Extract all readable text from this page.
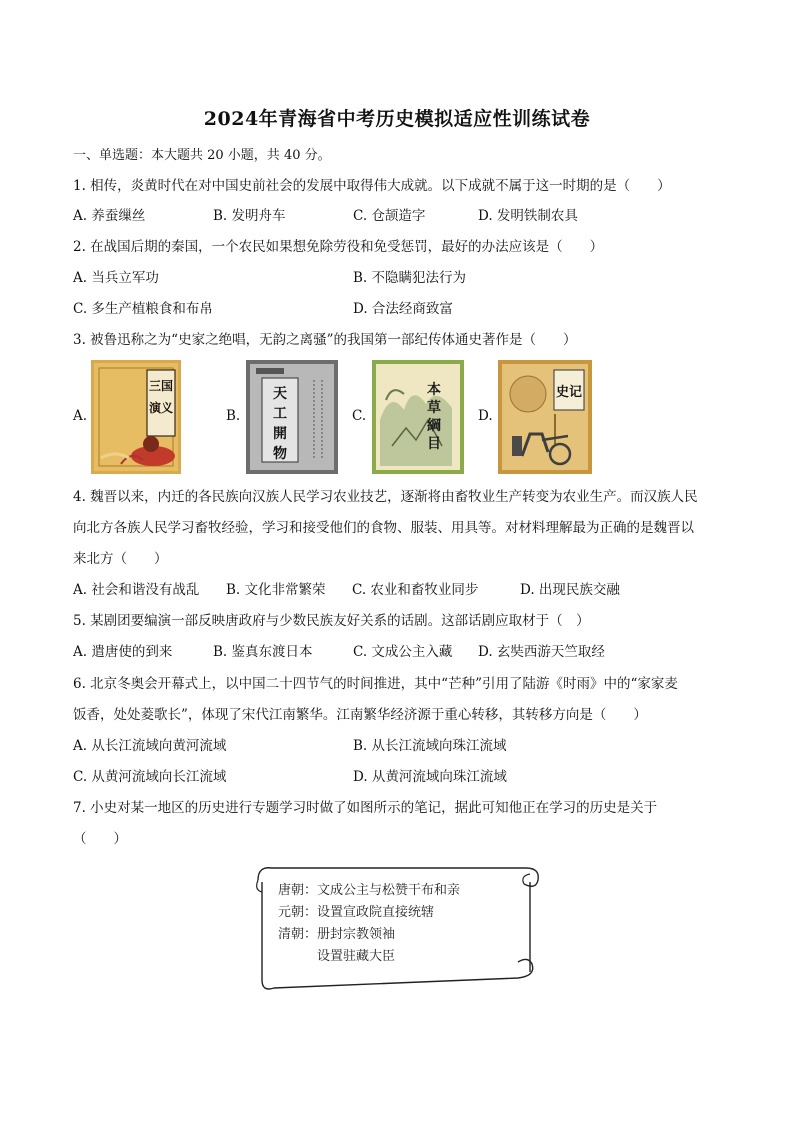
2024年青海省中考历史模拟适应性训练试卷
一、单选题：本大题共 20 小题，共 40 分。
1. 相传，炎黄时代在对中国史前社会的发展中取得伟大成就。以下成就不属于这一时期的是（　　）
A. 养蚕缫丝	B. 发明舟车	C. 仓颉造字	D. 发明铁制农具
2. 在战国后期的秦国，一个农民如果想免除劳役和免受惩罚，最好的办法应该是（　　）
A. 当兵立军功	B. 不隐瞒犯法行为
C. 多生产植粮食和布帛	D. 合法经商致富
3. 被鲁迅称之为“史家之绝唱，无韵之离骚”的我国第一部纪传体通史著作是（　　）
A.
三国
演义	B.
天
工
開
物
C.
本
草
綱
目
D.
史记
4. 魏晋以来，内迁的各民族向汉族人民学习农业技艺，逐渐将由畜牧业生产转变为农业生产。而汉族人民
向北方各族人民学习畜牧经验，学习和接受他们的食物、服装、用具等。对材料理解最为正确的是魏晋以
来北方（　　）
A. 社会和谐没有战乱 B. 文化非常繁荣 C. 农业和畜牧业同步	D. 出现民族交融
5. 某剧团要编演一部反映唐政府与少数民族友好关系的话剧。这部话剧应取材于（　）
A. 遣唐使的到来	B. 鉴真东渡日本	C. 文成公主入藏 D. 玄奘西游天竺取经
6. 北京冬奥会开幕式上，以中国二十四节气的时间推进，其中“芒种”引用了陆游《时雨》中的“家家麦
饭香，处处菱歌长”，体现了宋代江南繁华。江南繁华经济源于重心转移，其转移方向是（　　）
A. 从长江流域向黄河流域	B. 从长江流域向珠江流域
C. 从黄河流域向长江流域	D. 从黄河流域向珠江流域
7. 小史对某一地区的历史进行专题学习时做了如图所示的笔记，据此可知他正在学习的历史是关于
（　　）
唐朝：文成公主与松赞干布和亲
元朝：设置宣政院直接统辖
清朝：册封宗教领袖
　　　设置驻藏大臣
